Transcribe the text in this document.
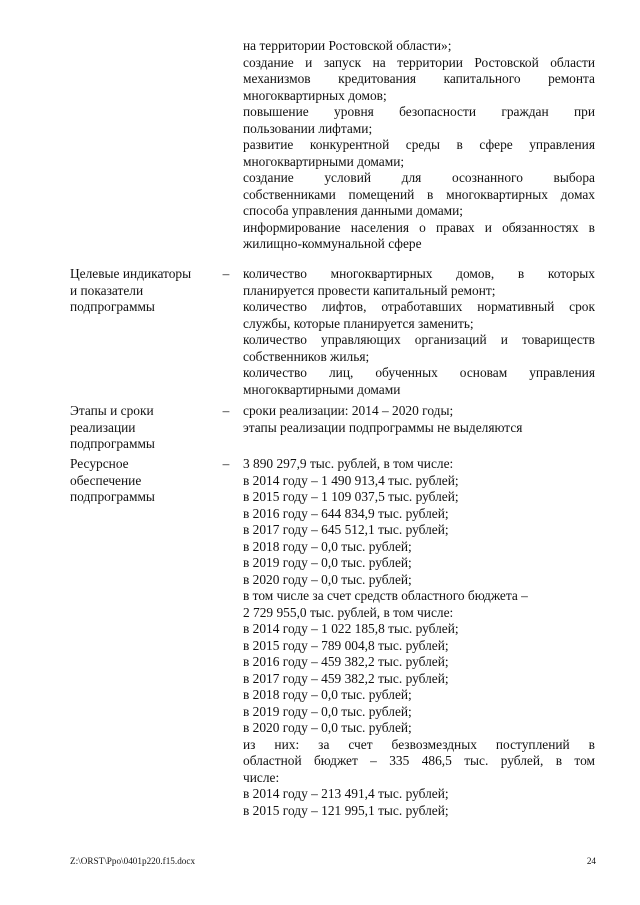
на территории Ростовской области»;
создание и запуск на территории Ростовской области
механизмов кредитования капитального ремонта
многоквартирных домов;
повышение уровня безопасности граждан при
пользовании лифтами;
развитие конкурентной среды в сфере управления
многоквартирными домами;
создание условий для осознанного выбора
собственниками помещений в многоквартирных домах
способа управления данными домами;
информирование населения о правах и обязанностях в
жилищно-коммунальной сфере
Целевые индикаторы
и показатели
подпрограммы
– количество многоквартирных домов, в которых
планируется провести капитальный ремонт;
количество лифтов, отработавших нормативный срок
службы, которые планируется заменить;
количество управляющих организаций и товариществ
собственников жилья;
количество лиц, обученных основам управления
многоквартирными домами
Этапы и сроки
реализации
подпрограммы
– сроки реализации: 2014 – 2020 годы;
этапы реализации подпрограммы не выделяются
Ресурсное
обеспечение
подпрограммы
– 3 890 297,9 тыс. рублей, в том числе:
в 2014 году – 1 490 913,4 тыс. рублей;
в 2015 году – 1 109 037,5 тыс. рублей;
в 2016 году – 644 834,9 тыс. рублей;
в 2017 году – 645 512,1 тыс. рублей;
в 2018 году – 0,0 тыс. рублей;
в 2019 году – 0,0 тыс. рублей;
в 2020 году – 0,0 тыс. рублей;
в том числе за счет средств областного бюджета –
2 729 955,0 тыс. рублей, в том числе:
в 2014 году – 1 022 185,8 тыс. рублей;
в 2015 году – 789 004,8 тыс. рублей;
в 2016 году – 459 382,2 тыс. рублей;
в 2017 году – 459 382,2 тыс. рублей;
в 2018 году – 0,0 тыс. рублей;
в 2019 году – 0,0 тыс. рублей;
в 2020 году – 0,0 тыс. рублей;
из них: за счет безвозмездных поступлений в
областной бюджет – 335 486,5 тыс. рублей, в том
числе:
в 2014 году – 213 491,4 тыс. рублей;
в 2015 году – 121 995,1 тыс. рублей;
Z:\ORST\Ppo\0401p220.f15.docx	24
